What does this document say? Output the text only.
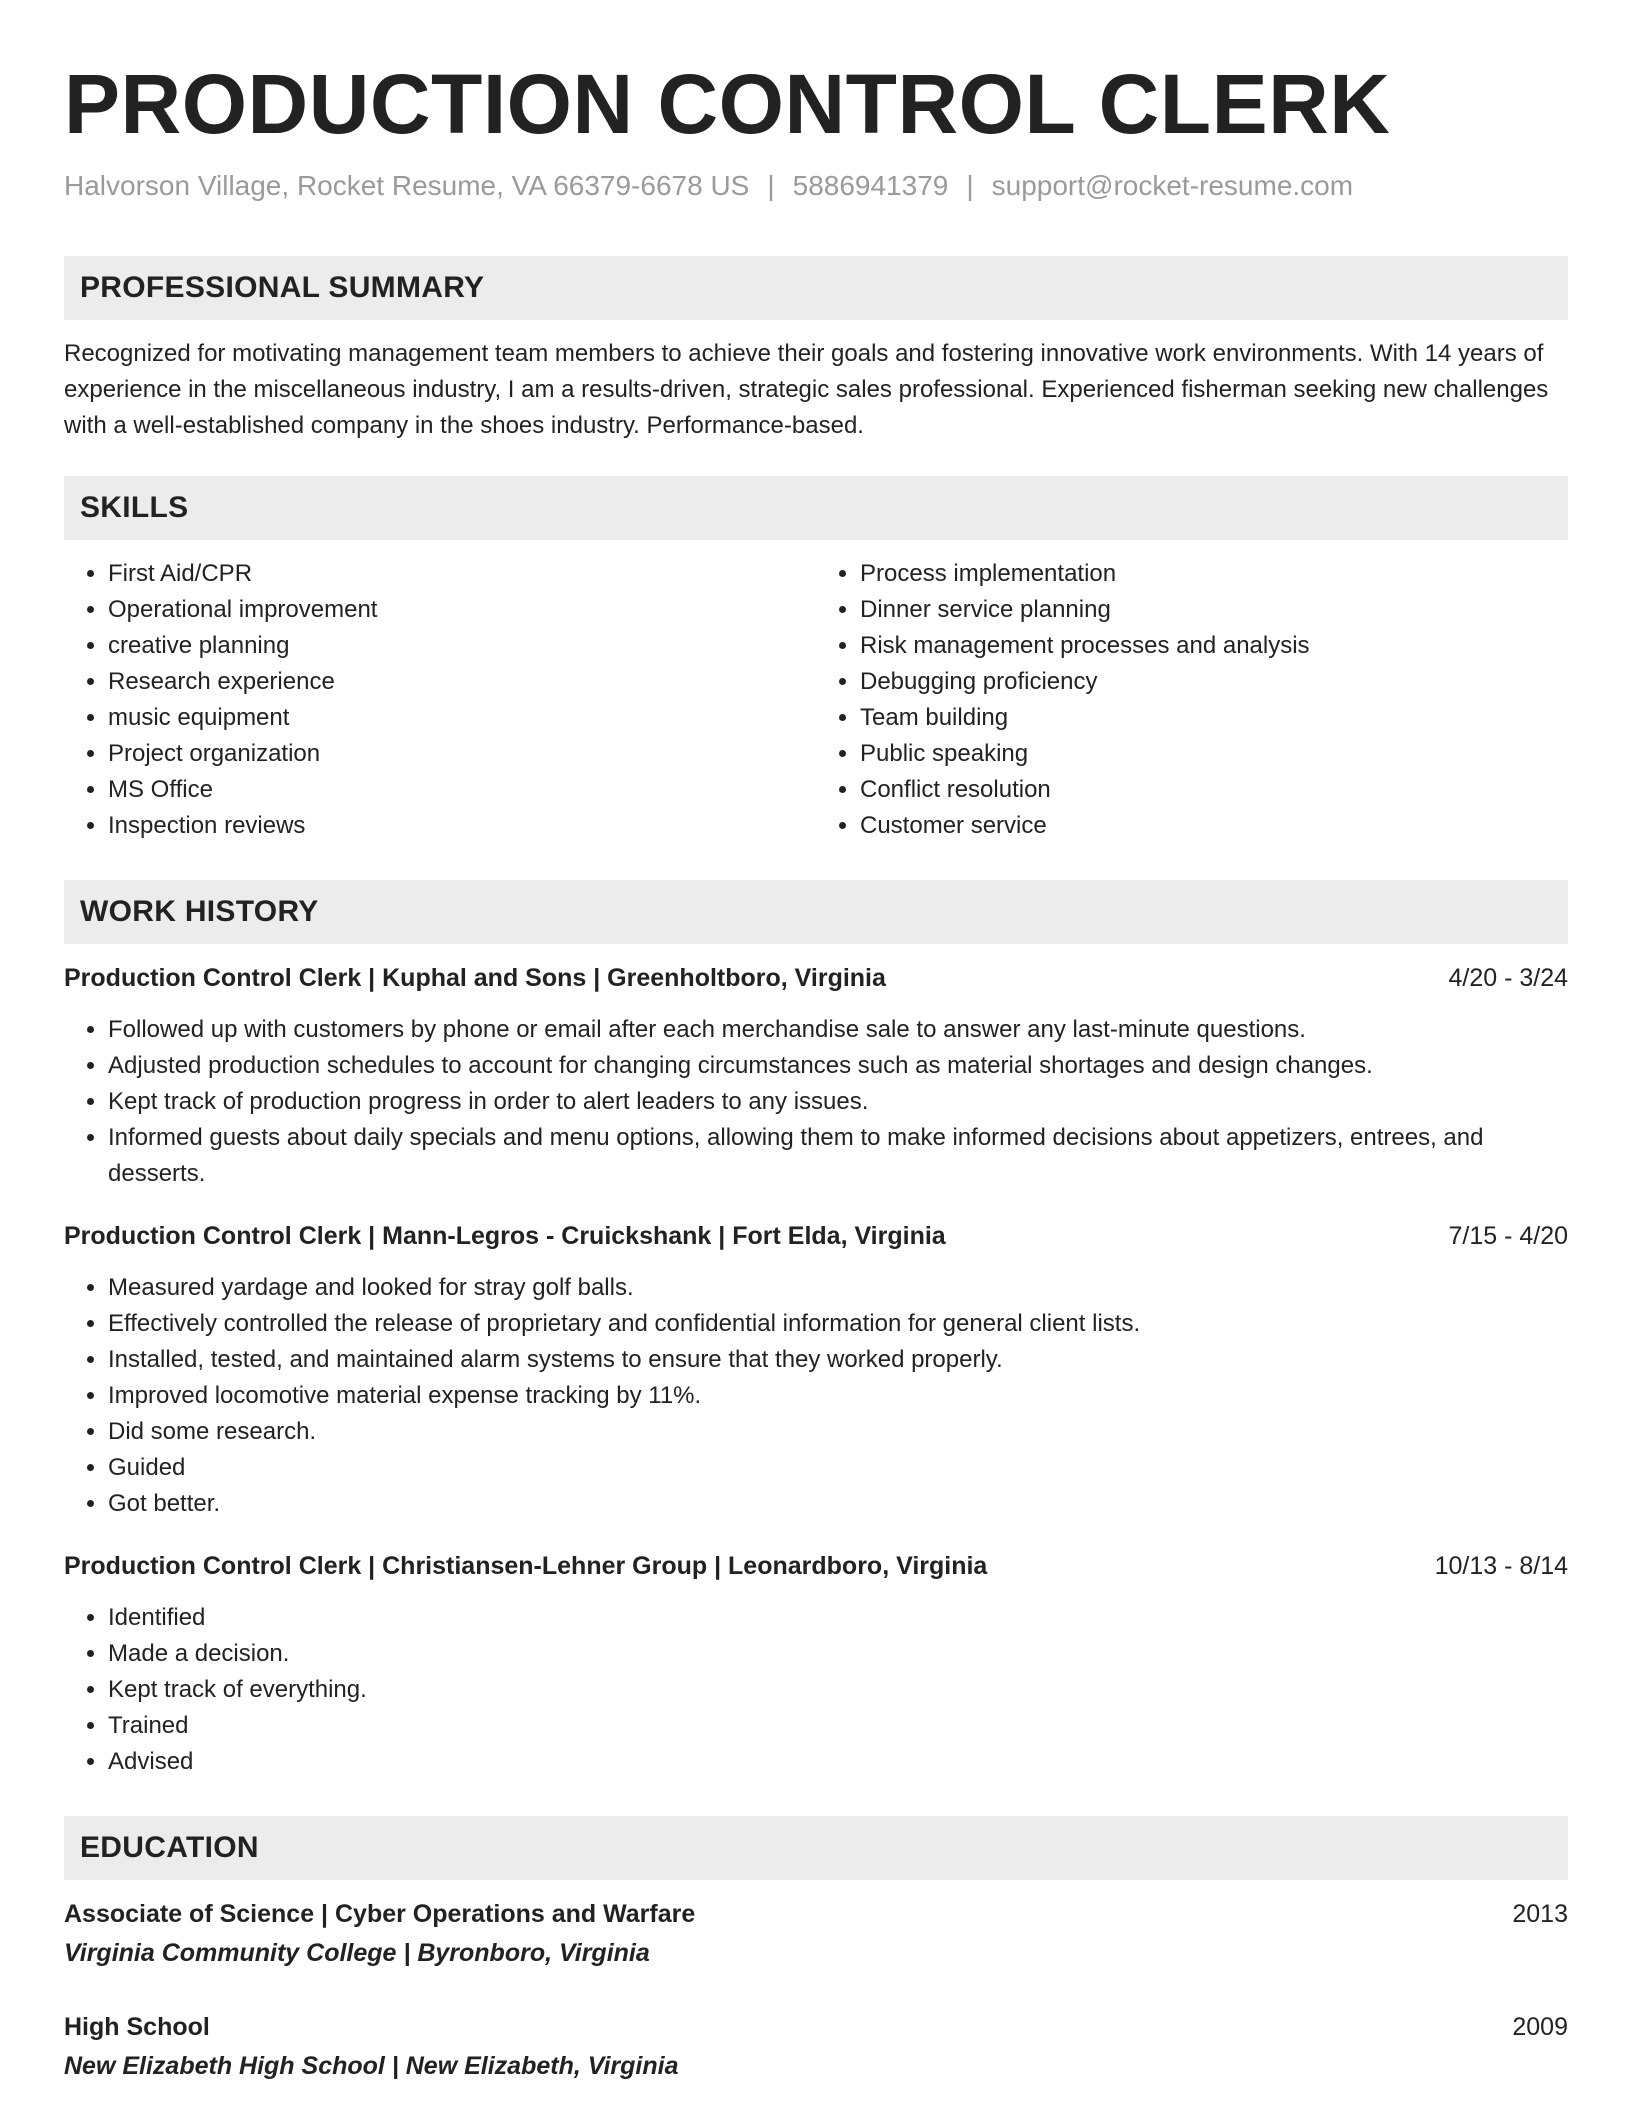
PRODUCTION CONTROL CLERK
Halvorson Village, Rocket Resume, VA 66379-6678 US | 5886941379 | support@rocket-resume.com
PROFESSIONAL SUMMARY
Recognized for motivating management team members to achieve their goals and fostering innovative work environments. With 14 years of experience in the miscellaneous industry, I am a results-driven, strategic sales professional. Experienced fisherman seeking new challenges with a well-established company in the shoes industry. Performance-based.
SKILLS
• First Aid/CPR
• Operational improvement
• creative planning
• Research experience
• music equipment
• Project organization
• MS Office
• Inspection reviews
• Process implementation
• Dinner service planning
• Risk management processes and analysis
• Debugging proficiency
• Team building
• Public speaking
• Conflict resolution
• Customer service
WORK HISTORY
Production Control Clerk | Kuphal and Sons | Greenholtboro, Virginia	4/20 - 3/24
• Followed up with customers by phone or email after each merchandise sale to answer any last-minute questions.
• Adjusted production schedules to account for changing circumstances such as material shortages and design changes.
• Kept track of production progress in order to alert leaders to any issues.
• Informed guests about daily specials and menu options, allowing them to make informed decisions about appetizers, entrees, and desserts.
Production Control Clerk | Mann-Legros - Cruickshank | Fort Elda, Virginia	7/15 - 4/20
• Measured yardage and looked for stray golf balls.
• Effectively controlled the release of proprietary and confidential information for general client lists.
• Installed, tested, and maintained alarm systems to ensure that they worked properly.
• Improved locomotive material expense tracking by 11%.
• Did some research.
• Guided
• Got better.
Production Control Clerk | Christiansen-Lehner Group | Leonardboro, Virginia	10/13 - 8/14
• Identified
• Made a decision.
• Kept track of everything.
• Trained
• Advised
EDUCATION
Associate of Science | Cyber Operations and Warfare	2013
Virginia Community College | Byronboro, Virginia
High School	2009
New Elizabeth High School | New Elizabeth, Virginia
